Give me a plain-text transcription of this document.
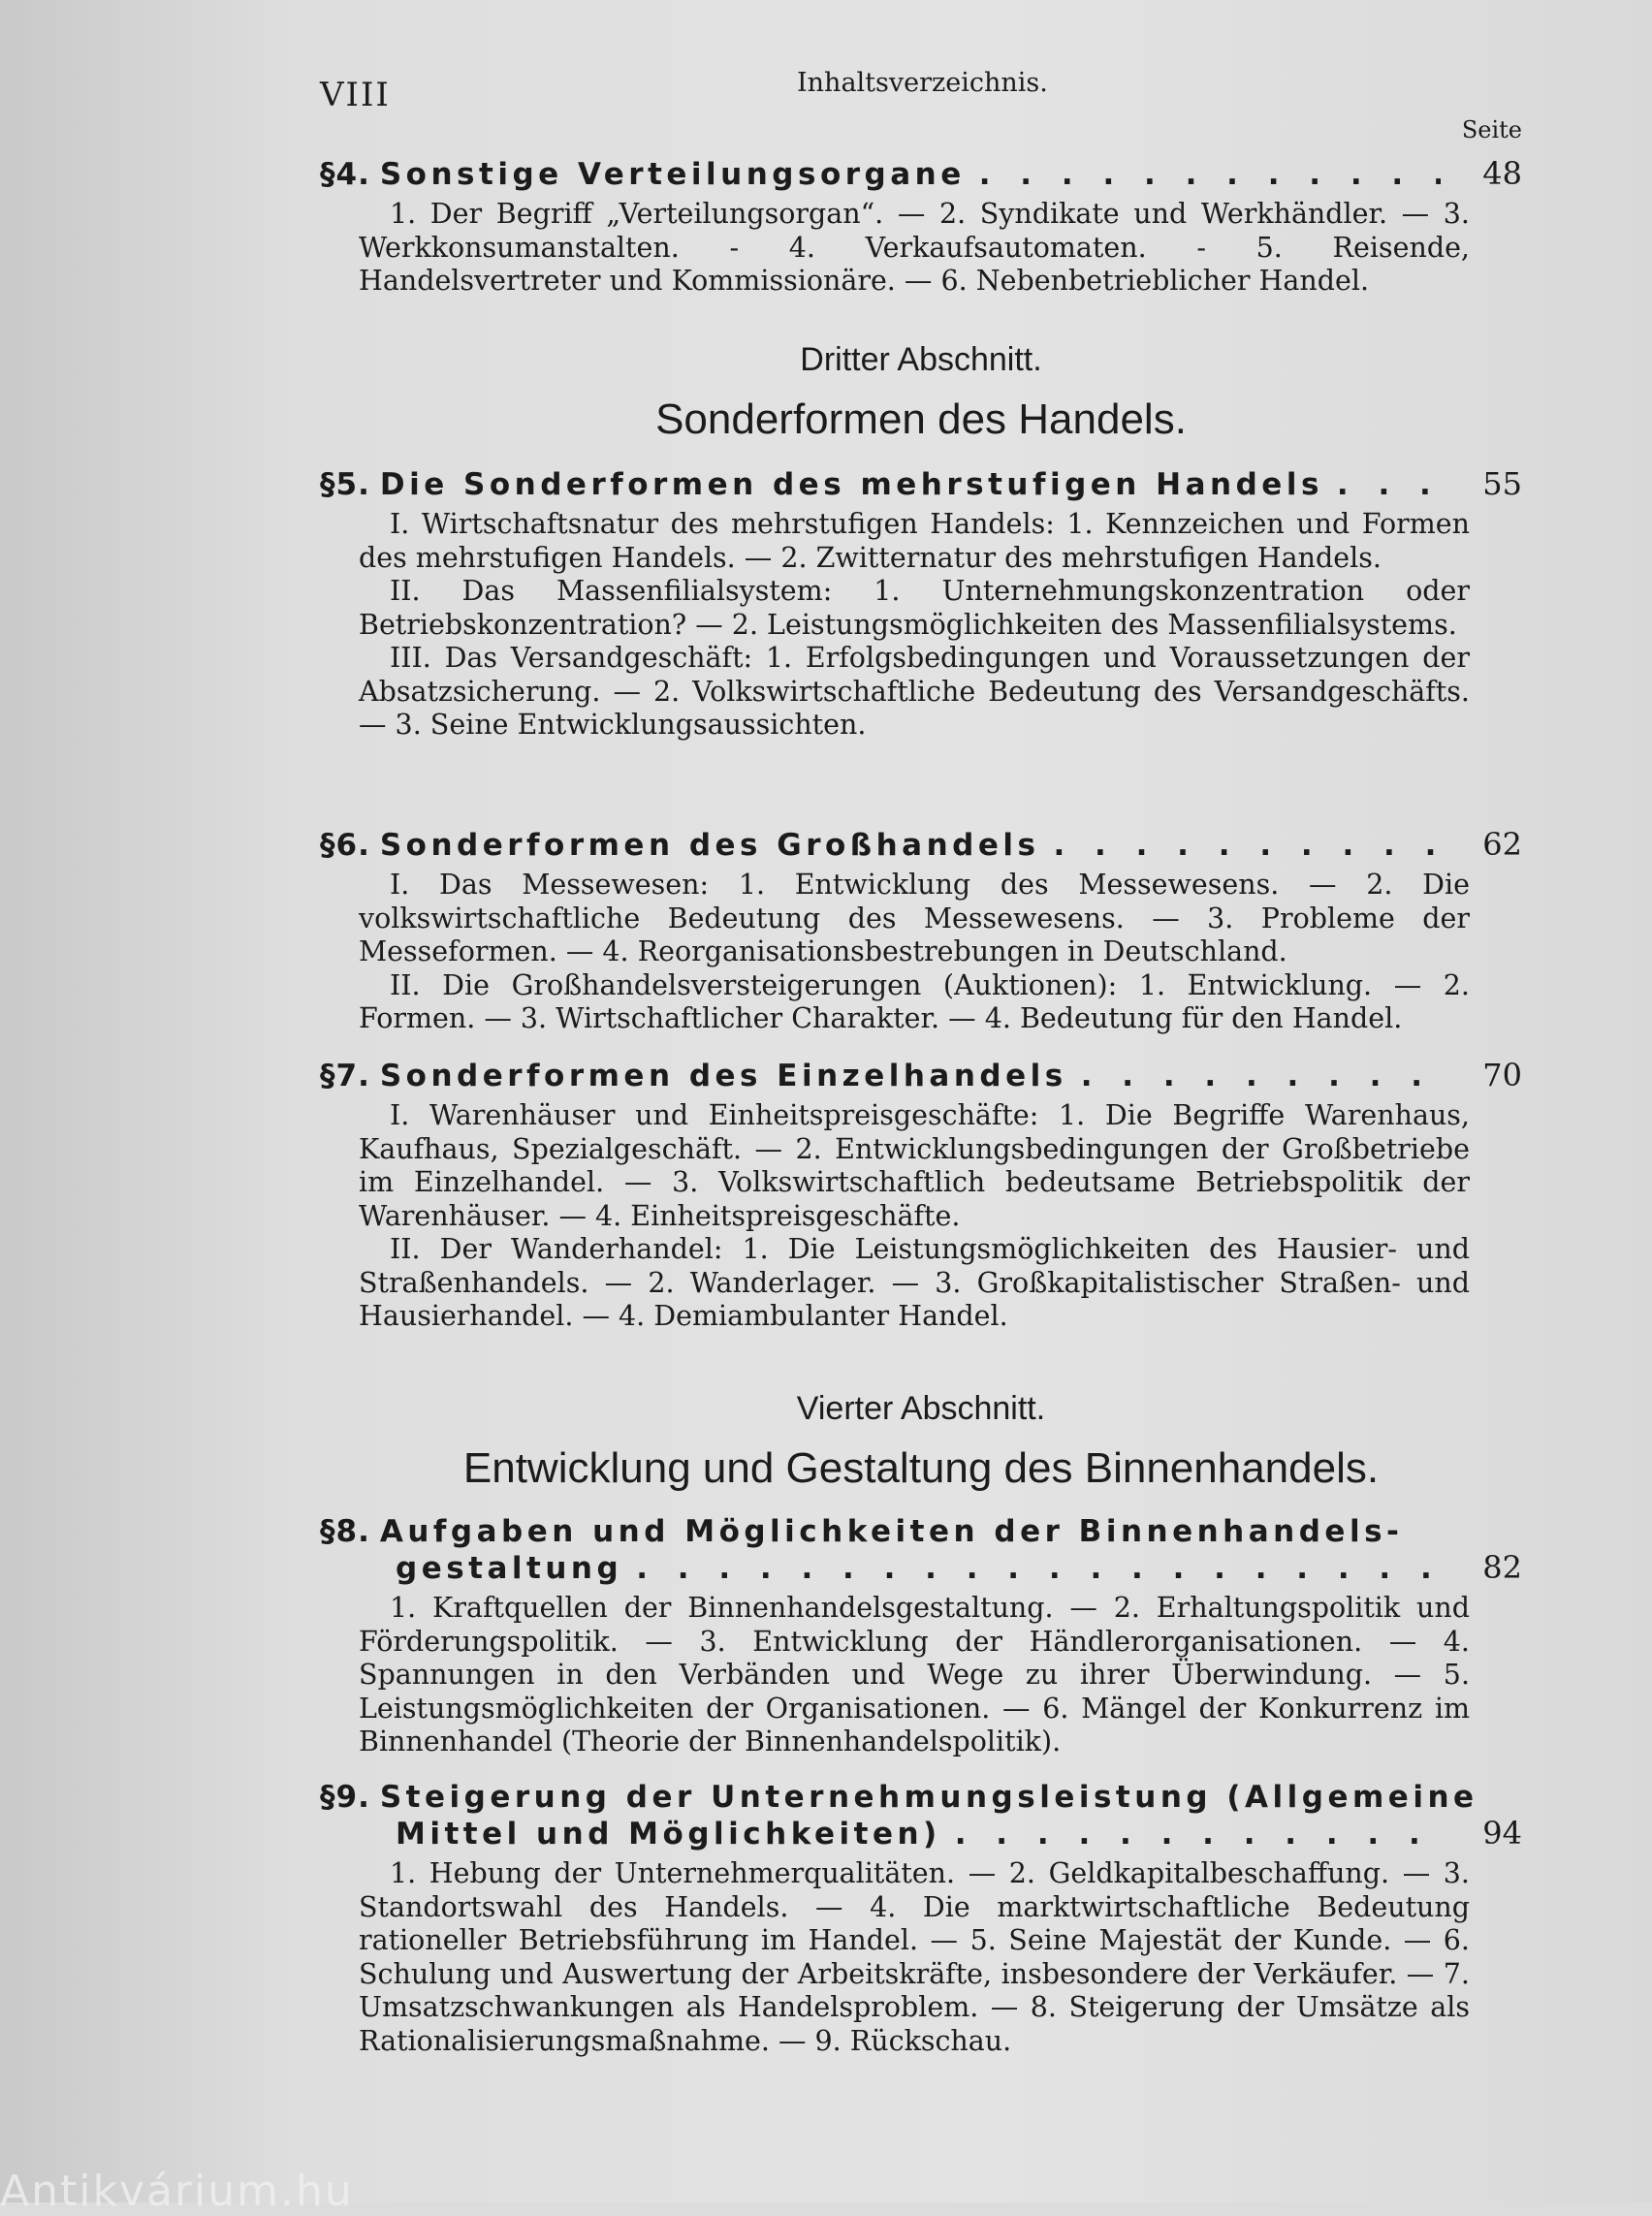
VIII	Inhaltsverzeichnis.
Seite
§4. Sonstige Verteilungsorgane . . .	48

1. Der Begriff „Verteilungsorgan“. — 2. Syndikate und Werkhändler. — 3. Werkkonsumanstalten. - 4. Verkaufsautomaten. - 5. Reisende, Handelsvertreter und Kommissionäre. — 6. Nebenbetrieblicher Handel.

Dritter Abschnitt.
Sonderformen des Handels.
§5. Die Sonderformen des mehrstufigen Handels . . .	55

I. Wirtschaftsnatur des mehrstufigen Handels: 1. Kennzeichen und Formen des mehrstufigen Handels. — 2. Zwitternatur des mehrstufigen Handels.

II. Das Massenfilialsystem: 1. Unternehmungskonzentration oder Betriebskonzentration? — 2. Leistungsmöglichkeiten des Massenfilialsystems.

III. Das Versandgeschäft: 1. Erfolgsbedingungen und Voraussetzungen der Absatzsicherung. — 2. Volkswirtschaftliche Bedeutung des Versandgeschäfts. — 3. Seine Entwicklungsaussichten.

§6. Sonderformen des Großhandels . . .	62

I. Das Messewesen: 1. Entwicklung des Messewesens. — 2. Die volkswirtschaftliche Bedeutung des Messewesens. — 3. Probleme der Messeformen. — 4. Reorganisationsbestrebungen in Deutschland.

II. Die Großhandelsversteigerungen (Auktionen): 1. Entwicklung. — 2. Formen. — 3. Wirtschaftlicher Charakter. — 4. Bedeutung für den Handel.

§7. Sonderformen des Einzelhandels . . .	70

I. Warenhäuser und Einheitspreisgeschäfte: 1. Die Begriffe Warenhaus, Kaufhaus, Spezialgeschäft. — 2. Entwicklungsbedingungen der Großbetriebe im Einzelhandel. — 3. Volkswirtschaftlich bedeutsame Betriebspolitik der Warenhäuser. — 4. Einheitspreisgeschäfte.

II. Der Wanderhandel: 1. Die Leistungsmöglichkeiten des Hausier- und Straßenhandels. — 2. Wanderlager. — 3. Großkapitalistischer Straßen- und Hausierhandel. — 4. Demiambulanter Handel.

Vierter Abschnitt.
Entwicklung und Gestaltung des Binnenhandels.
§8. Aufgaben und Möglichkeiten der Binnenhandels-
gestaltung . . .	82

1. Kraftquellen der Binnenhandelsgestaltung. — 2. Erhaltungspolitik und Förderungspolitik. — 3. Entwicklung der Händlerorganisationen. — 4. Spannungen in den Verbänden und Wege zu ihrer Überwindung. — 5. Leistungsmöglichkeiten der Organisationen. — 6. Mängel der Konkurrenz im Binnenhandel (Theorie der Binnenhandelspolitik).

§9. Steigerung der Unternehmungsleistung (Allgemeine
Mittel und Möglichkeiten) . . .	94

1. Hebung der Unternehmerqualitäten. — 2. Geldkapitalbeschaffung. — 3. Standortswahl des Handels. — 4. Die marktwirtschaftliche Bedeutung rationeller Betriebsführung im Handel. — 5. Seine Majestät der Kunde. — 6. Schulung und Auswertung der Arbeitskräfte, insbesondere der Verkäufer. — 7. Umsatzschwankungen als Handelsproblem. — 8. Steigerung der Umsätze als Rationalisierungsmaßnahme. — 9. Rückschau.

Antikvárium.hu
